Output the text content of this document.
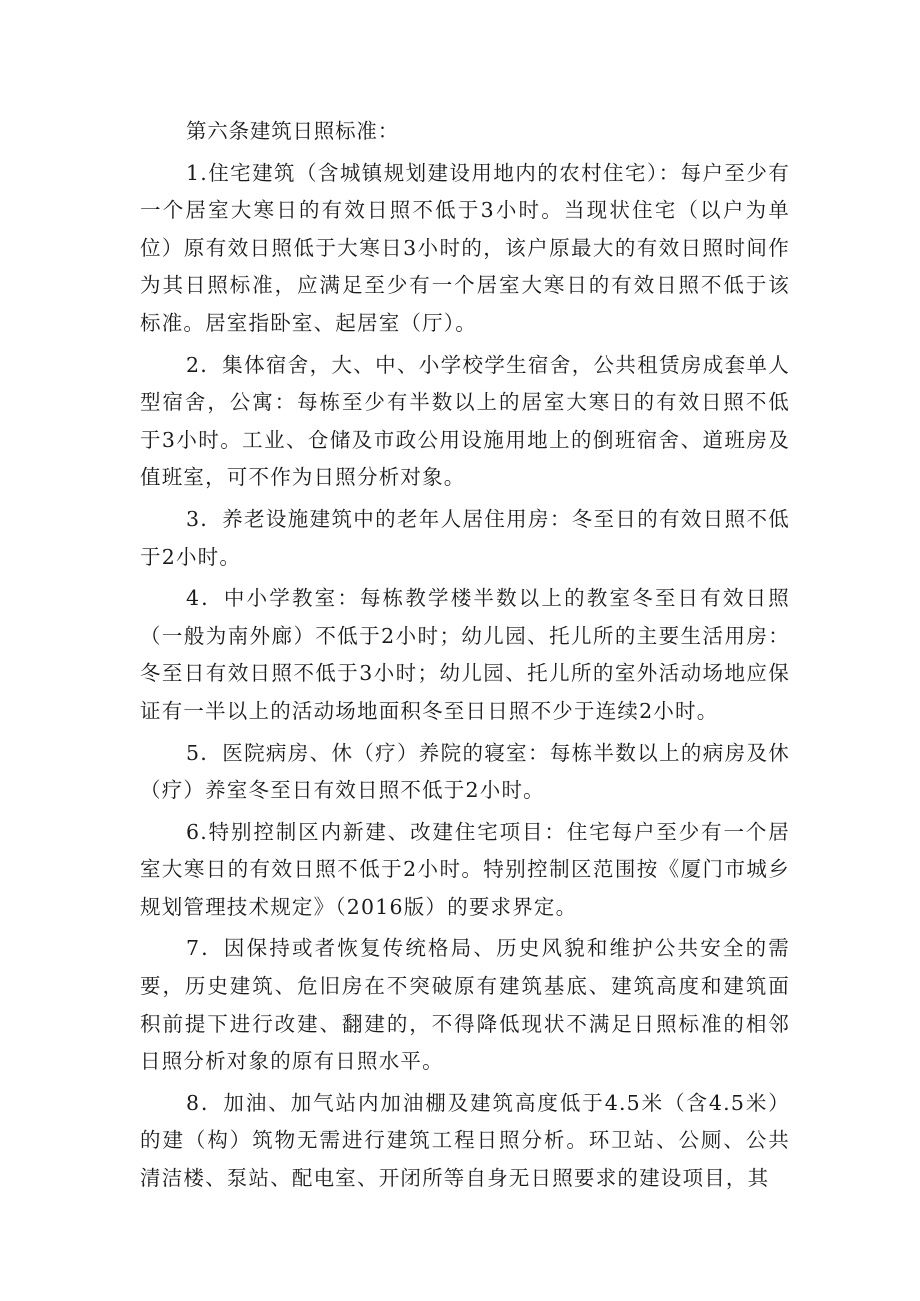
第六条建筑日照标准：

1.住宅建筑（含城镇规划建设用地内的农村住宅）：每户至少有一个居室大寒日的有效日照不低于3小时。当现状住宅（以户为单位）原有效日照低于大寒日3小时的，该户原最大的有效日照时间作为其日照标准，应满足至少有一个居室大寒日的有效日照不低于该标准。居室指卧室、起居室（厅）。

2．集体宿舍，大、中、小学校学生宿舍，公共租赁房成套单人型宿舍，公寓：每栋至少有半数以上的居室大寒日的有效日照不低于3小时。工业、仓储及市政公用设施用地上的倒班宿舍、道班房及值班室，可不作为日照分析对象。

3．养老设施建筑中的老年人居住用房：冬至日的有效日照不低于2小时。

4．中小学教室：每栋教学楼半数以上的教室冬至日有效日照（一般为南外廊）不低于2小时；幼儿园、托儿所的主要生活用房：冬至日有效日照不低于3小时；幼儿园、托儿所的室外活动场地应保证有一半以上的活动场地面积冬至日日照不少于连续2小时。

5．医院病房、休（疗）养院的寝室：每栋半数以上的病房及休（疗）养室冬至日有效日照不低于2小时。

6.特别控制区内新建、改建住宅项目：住宅每户至少有一个居室大寒日的有效日照不低于2小时。特别控制区范围按《厦门市城乡规划管理技术规定》（2016版）的要求界定。

7．因保持或者恢复传统格局、历史风貌和维护公共安全的需要，历史建筑、危旧房在不突破原有建筑基底、建筑高度和建筑面积前提下进行改建、翻建的，不得降低现状不满足日照标准的相邻日照分析对象的原有日照水平。

8．加油、加气站内加油棚及建筑高度低于4.5米（含4.5米）的建（构）筑物无需进行建筑工程日照分析。环卫站、公厕、公共清洁楼、泵站、配电室、开闭所等自身无日照要求的建设项目，其
